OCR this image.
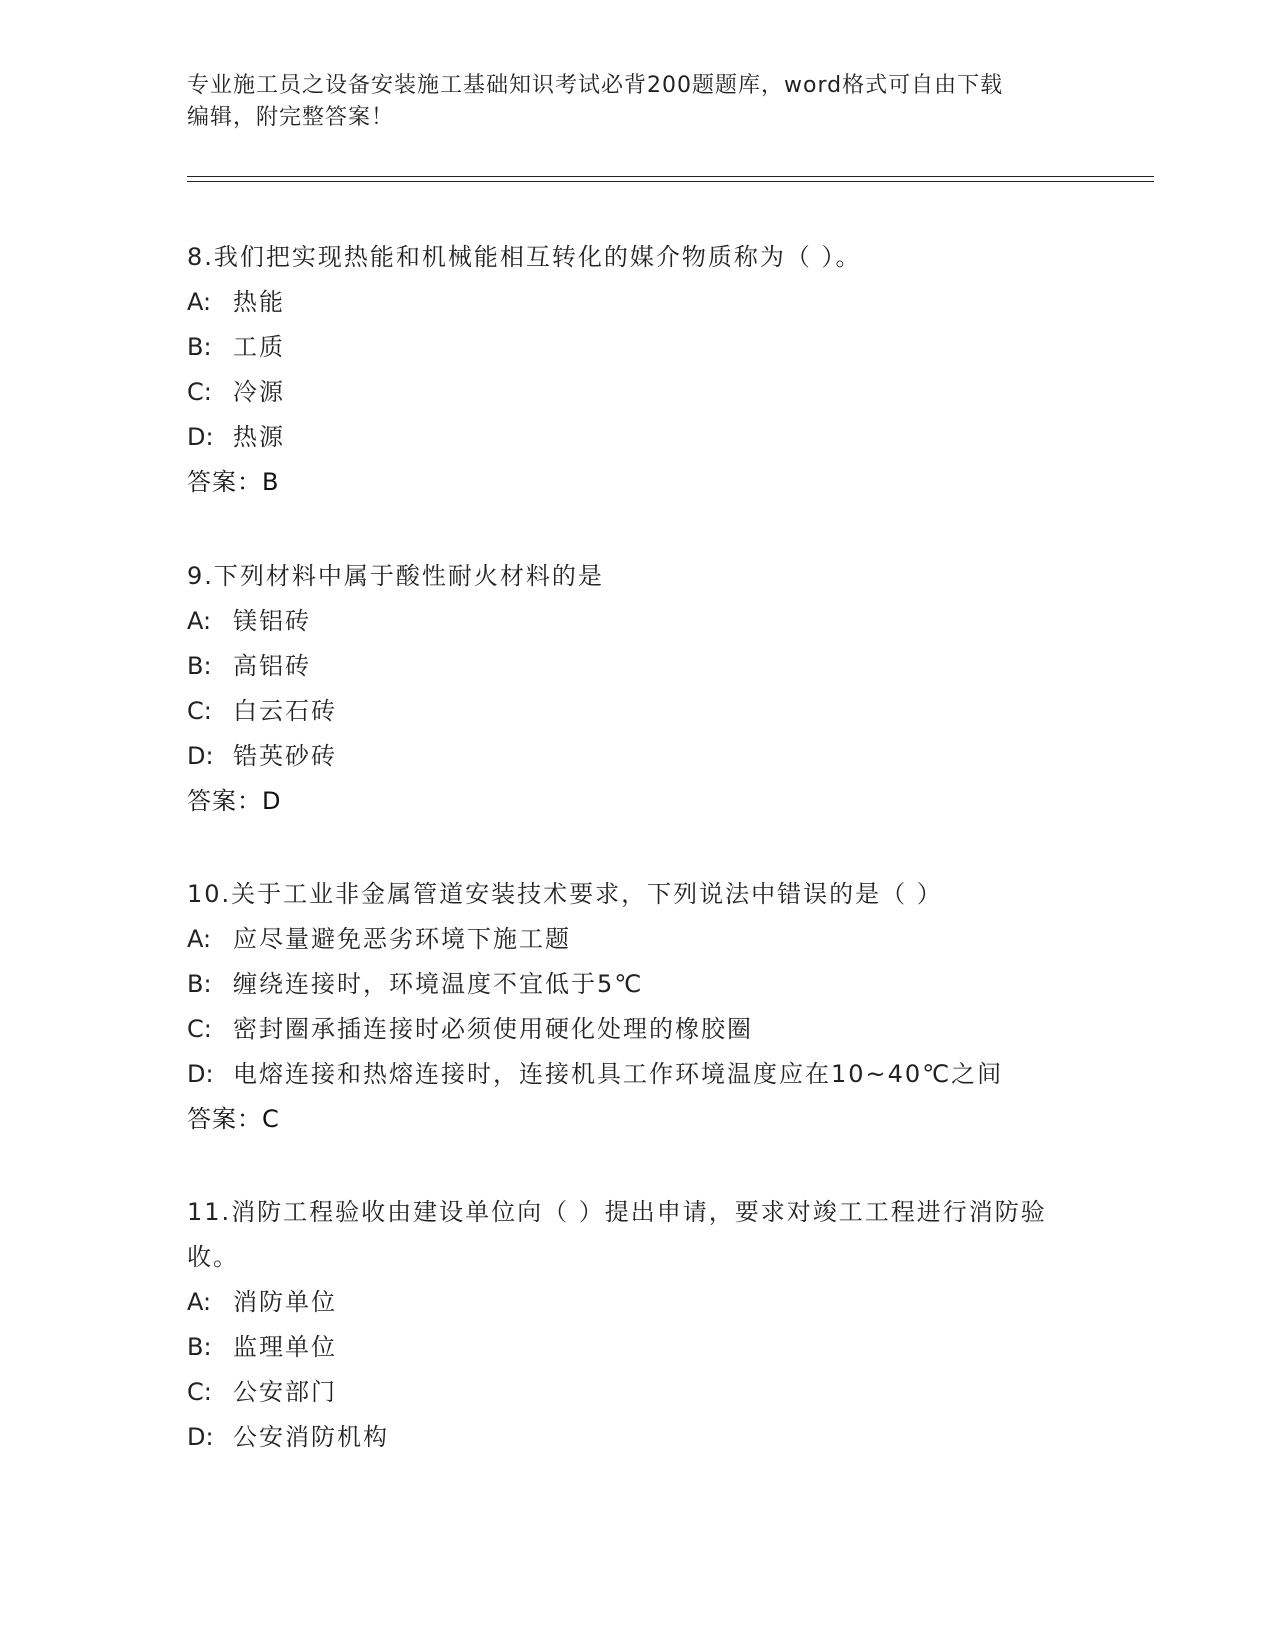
专业施工员之设备安装施工基础知识考试必背200题题库，word格式可自由下载
编辑，附完整答案！

8.我们把实现热能和机械能相互转化的媒介物质称为（ ）。

A: 热能

B: 工质

C: 冷源

D: 热源

答案：B

9.下列材料中属于酸性耐火材料的是

A: 镁铝砖

B: 高铝砖

C: 白云石砖

D: 锆英砂砖

答案：D

10.关于工业非金属管道安装技术要求，下列说法中错误的是（ ）

A: 应尽量避免恶劣环境下施工题

B: 缠绕连接时，环境温度不宜低于5℃

C: 密封圈承插连接时必须使用硬化处理的橡胶圈

D: 电熔连接和热熔连接时，连接机具工作环境温度应在10~40℃之间

答案：C

11.消防工程验收由建设单位向（ ）提出申请，要求对竣工工程进行消防验收。

A: 消防单位

B: 监理单位

C: 公安部门

D: 公安消防机构
